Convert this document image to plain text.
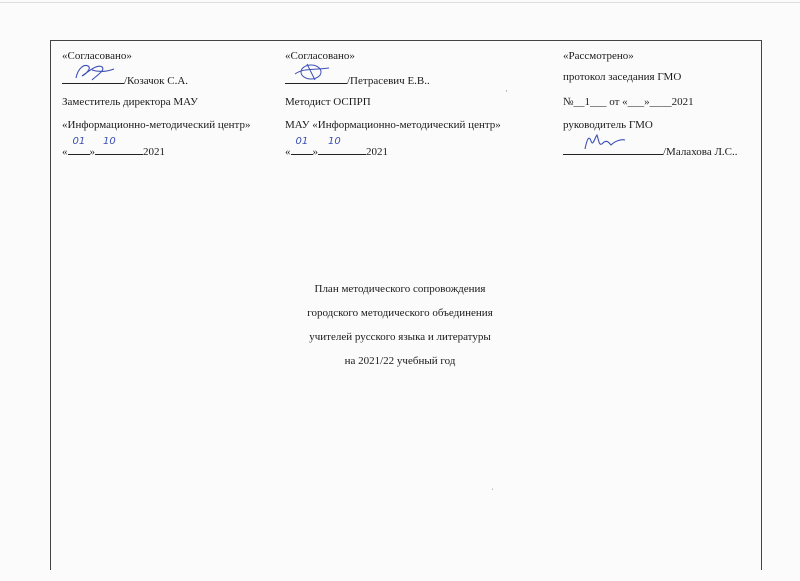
«Согласовано»
/Козачок С.А.
Заместитель директора МАУ
«Информационно-методический центр»
«
01
»
10
2021
«Согласовано»
/Петрасевич Е.В..
Методист ОСПРП
МАУ «Информационно-методический центр»
«
01
»
10
2021
«Рассмотрено»
протокол заседания ГМО
№__1___ от «___»____2021
руководитель ГМО
/Малахова Л.С..
План методического сопровождения
городского методического объединения
учителей русского языка и литературы
на 2021/22 учебный год
·
ˈ
